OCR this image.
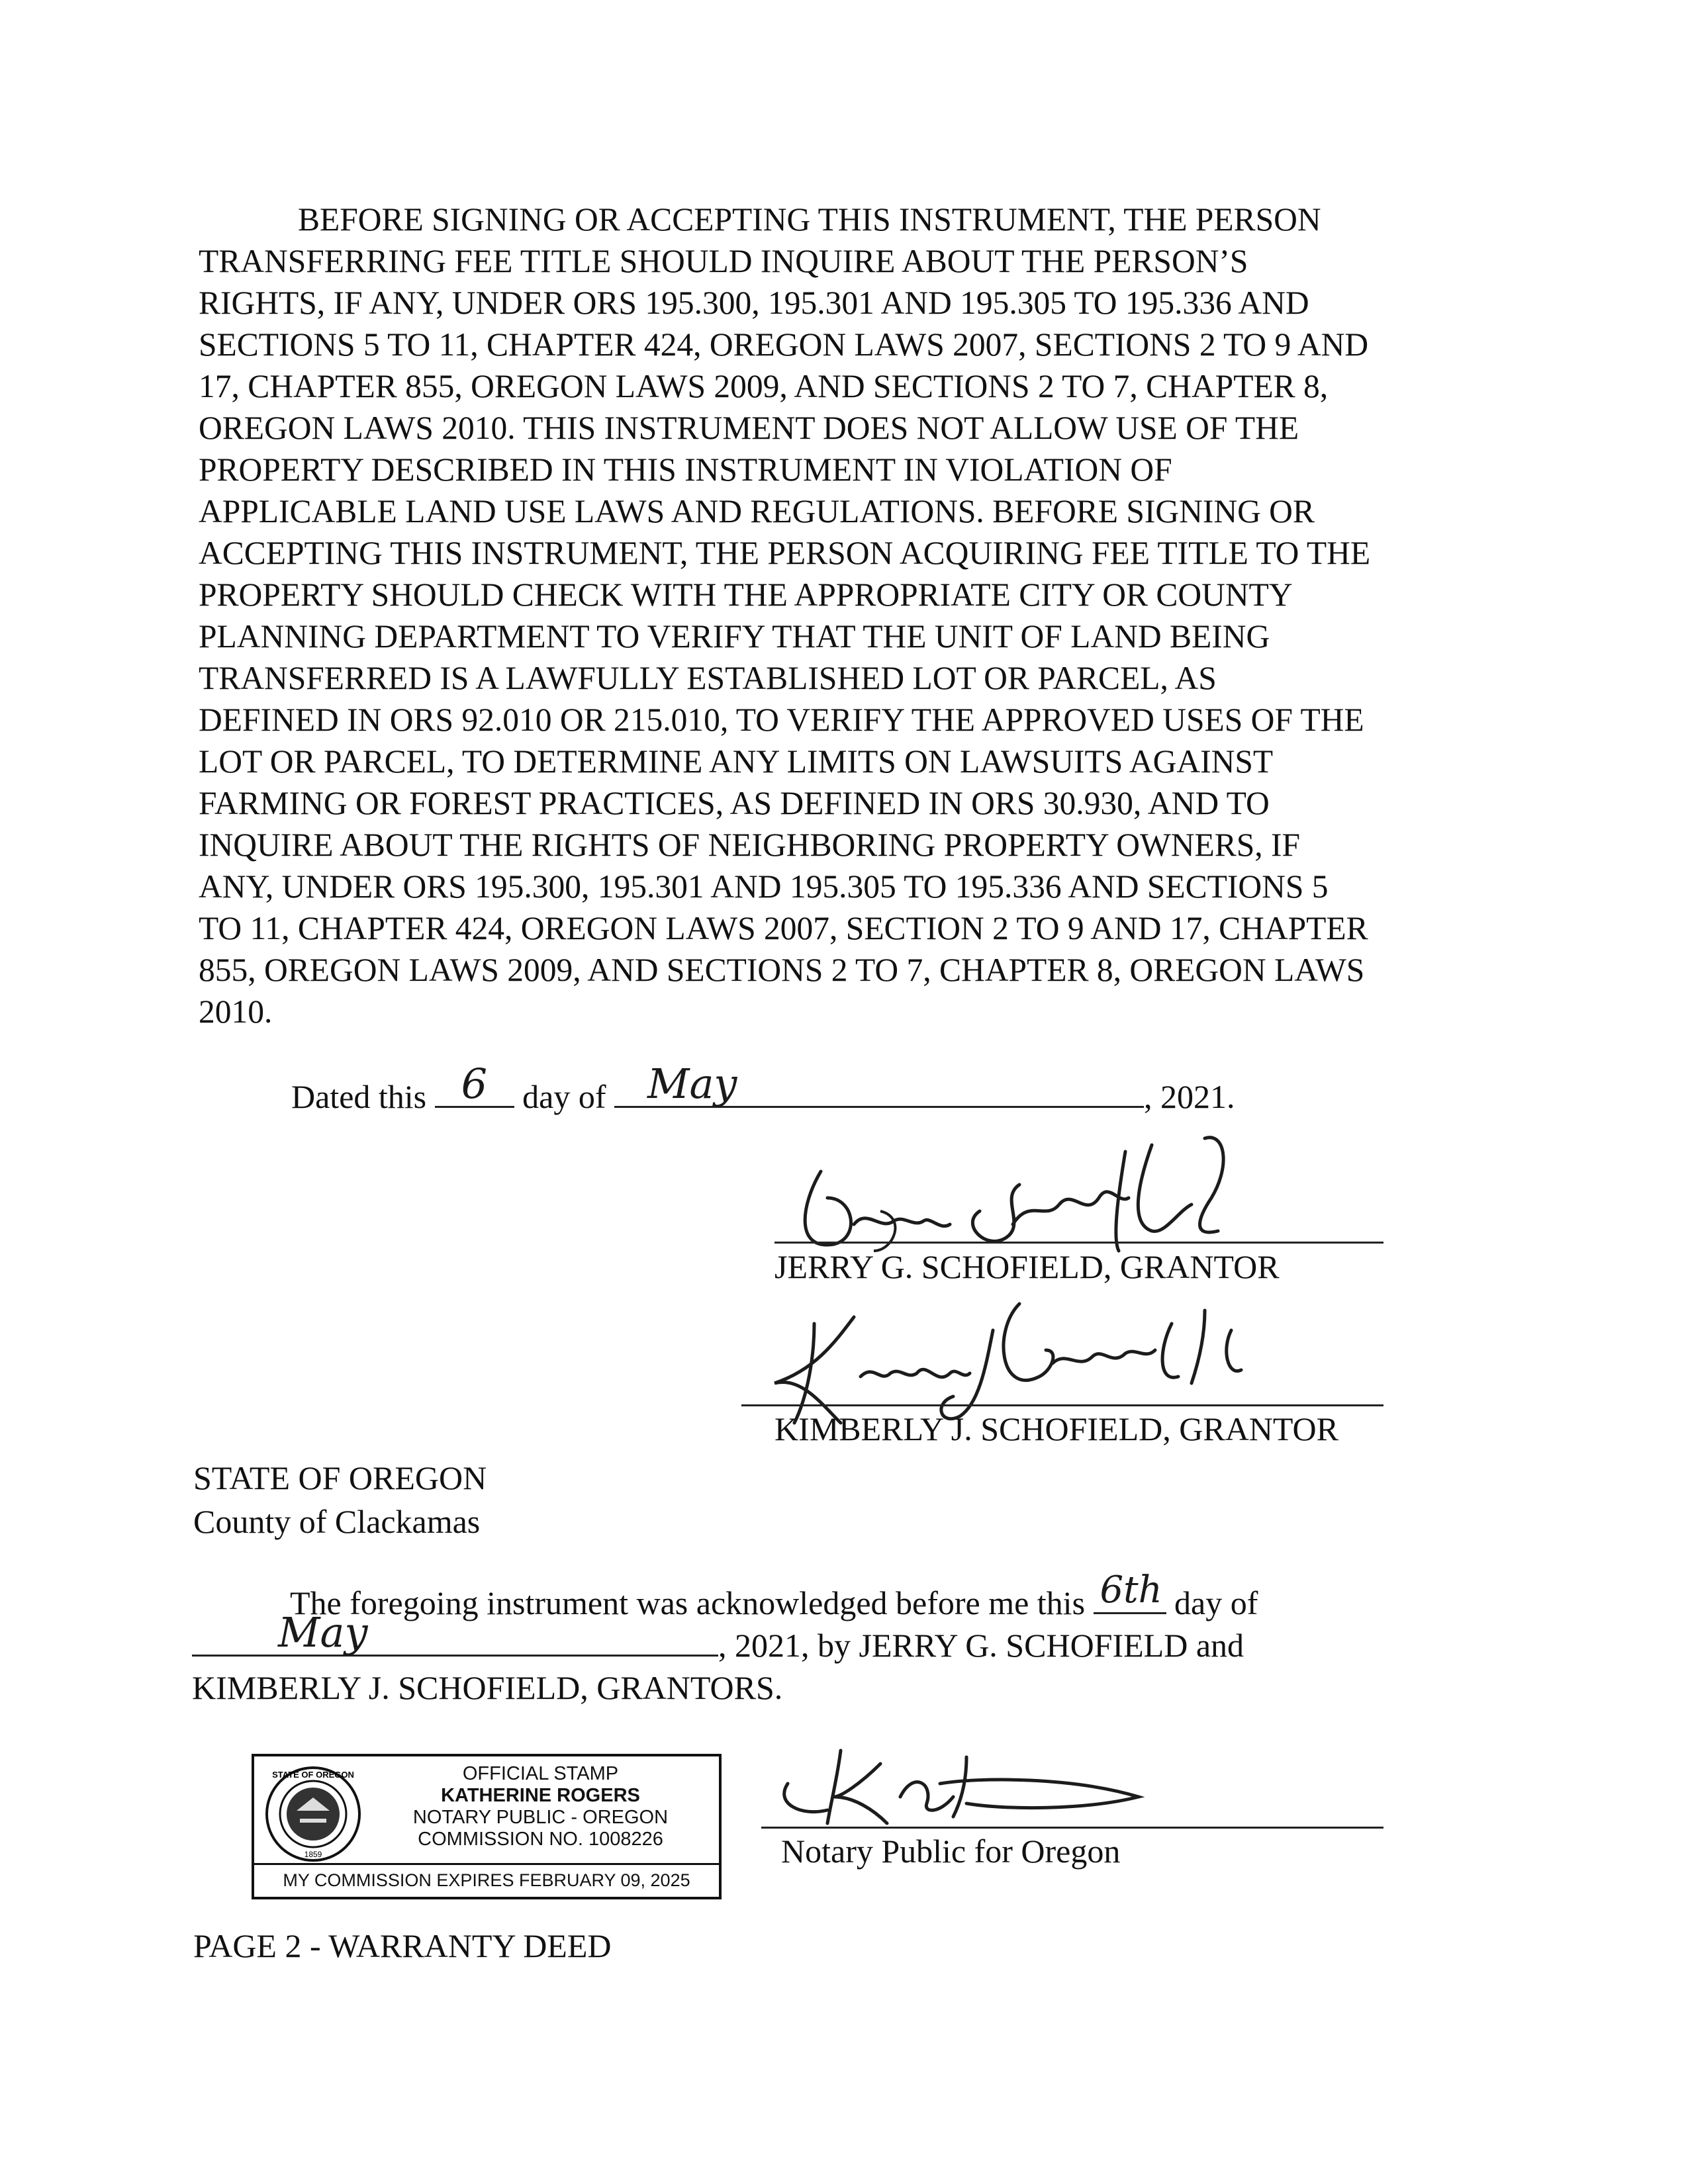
BEFORE SIGNING OR ACCEPTING THIS INSTRUMENT, THE PERSON
TRANSFERRING FEE TITLE SHOULD INQUIRE ABOUT THE PERSON’S
RIGHTS, IF ANY, UNDER ORS 195.300, 195.301 AND 195.305 TO 195.336 AND
SECTIONS 5 TO 11, CHAPTER 424, OREGON LAWS 2007, SECTIONS 2 TO 9 AND
17, CHAPTER 855, OREGON LAWS 2009, AND SECTIONS 2 TO 7, CHAPTER 8,
OREGON LAWS 2010. THIS INSTRUMENT DOES NOT ALLOW USE OF THE
PROPERTY DESCRIBED IN THIS INSTRUMENT IN VIOLATION OF
APPLICABLE LAND USE LAWS AND REGULATIONS. BEFORE SIGNING OR
ACCEPTING THIS INSTRUMENT, THE PERSON ACQUIRING FEE TITLE TO THE
PROPERTY SHOULD CHECK WITH THE APPROPRIATE CITY OR COUNTY
PLANNING DEPARTMENT TO VERIFY THAT THE UNIT OF LAND BEING
TRANSFERRED IS A LAWFULLY ESTABLISHED LOT OR PARCEL, AS
DEFINED IN ORS 92.010 OR 215.010, TO VERIFY THE APPROVED USES OF THE
LOT OR PARCEL, TO DETERMINE ANY LIMITS ON LAWSUITS AGAINST
FARMING OR FOREST PRACTICES, AS DEFINED IN ORS 30.930, AND TO
INQUIRE ABOUT THE RIGHTS OF NEIGHBORING PROPERTY OWNERS, IF
ANY, UNDER ORS 195.300, 195.301 AND 195.305 TO 195.336 AND SECTIONS 5
TO 11, CHAPTER 424, OREGON LAWS 2007, SECTION 2 TO 9 AND 17, CHAPTER
855, OREGON LAWS 2009, AND SECTIONS 2 TO 7, CHAPTER 8, OREGON LAWS
2010.

Dated this 6 day of May	, 2021.
JERRY G. SCHOFIELD, GRANTOR
KIMBERLY J. SCHOFIELD, GRANTOR
STATE OF OREGON
County of Clackamas
The foregoing instrument was acknowledged before me this 6th day of
May	, 2021, by JERRY G. SCHOFIELD and
KIMBERLY J. SCHOFIELD, GRANTORS.
STATE OF OREGON
1859
OFFICIAL STAMP
KATHERINE ROGERS
NOTARY PUBLIC - OREGON
COMMISSION NO. 1008226
MY COMMISSION EXPIRES FEBRUARY 09, 2025
Notary Public for Oregon
PAGE 2 - WARRANTY DEED
